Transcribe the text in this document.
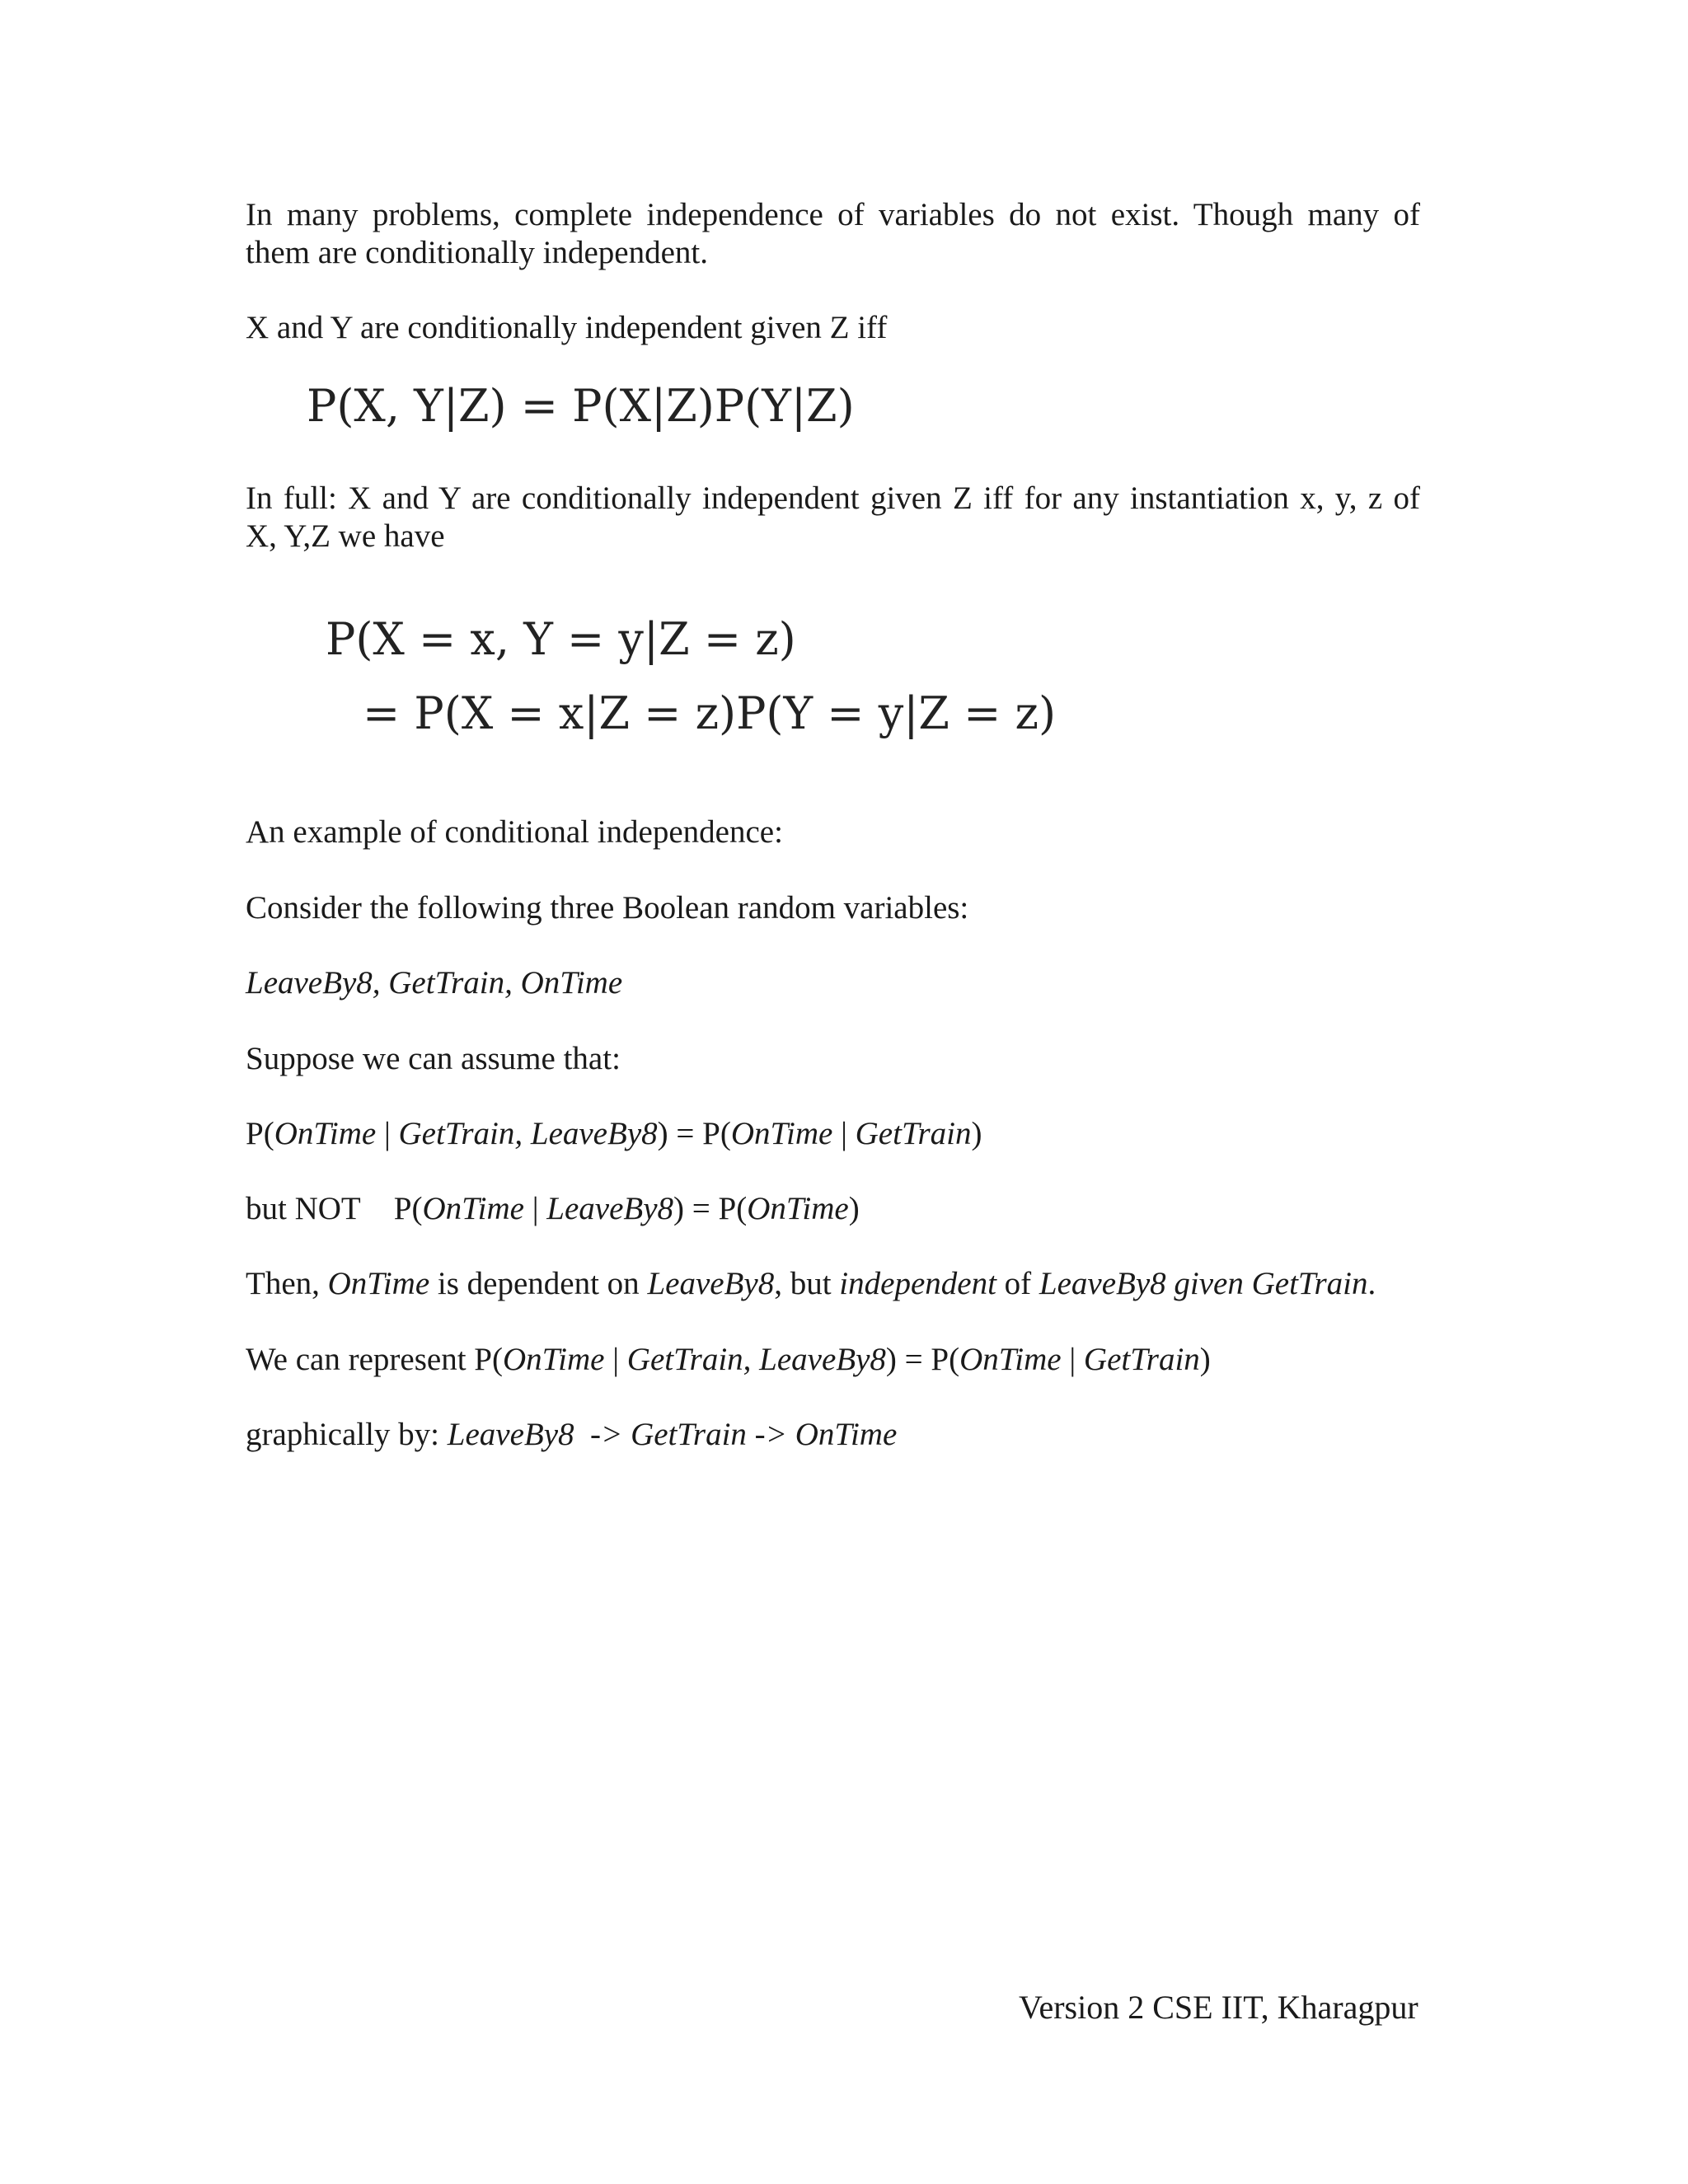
In many problems, complete independence of variables do not exist. Though many of

them are conditionally independent.

X and Y are conditionally independent given Z iff

P(X, Y|Z) = P(X|Z)P(Y|Z)

In full: X and Y are conditionally independent given Z iff for any instantiation x, y, z of

X, Y,Z we have

P(X = x, Y = y|Z = z)
= P(X = x|Z = z)P(Y = y|Z = z)

An example of conditional independence:

Consider the following three Boolean random variables:

LeaveBy8, GetTrain, OnTime

Suppose we can assume that:

P(OnTime | GetTrain, LeaveBy8) = P(OnTime | GetTrain)

but NOT P(OnTime | LeaveBy8) = P(OnTime)

Then, OnTime is dependent on LeaveBy8, but independent of LeaveBy8 given GetTrain.

We can represent P(OnTime | GetTrain, LeaveBy8) = P(OnTime | GetTrain)

graphically by: LeaveBy8  -> GetTrain -> OnTime

Version 2 CSE IIT, Kharagpur
